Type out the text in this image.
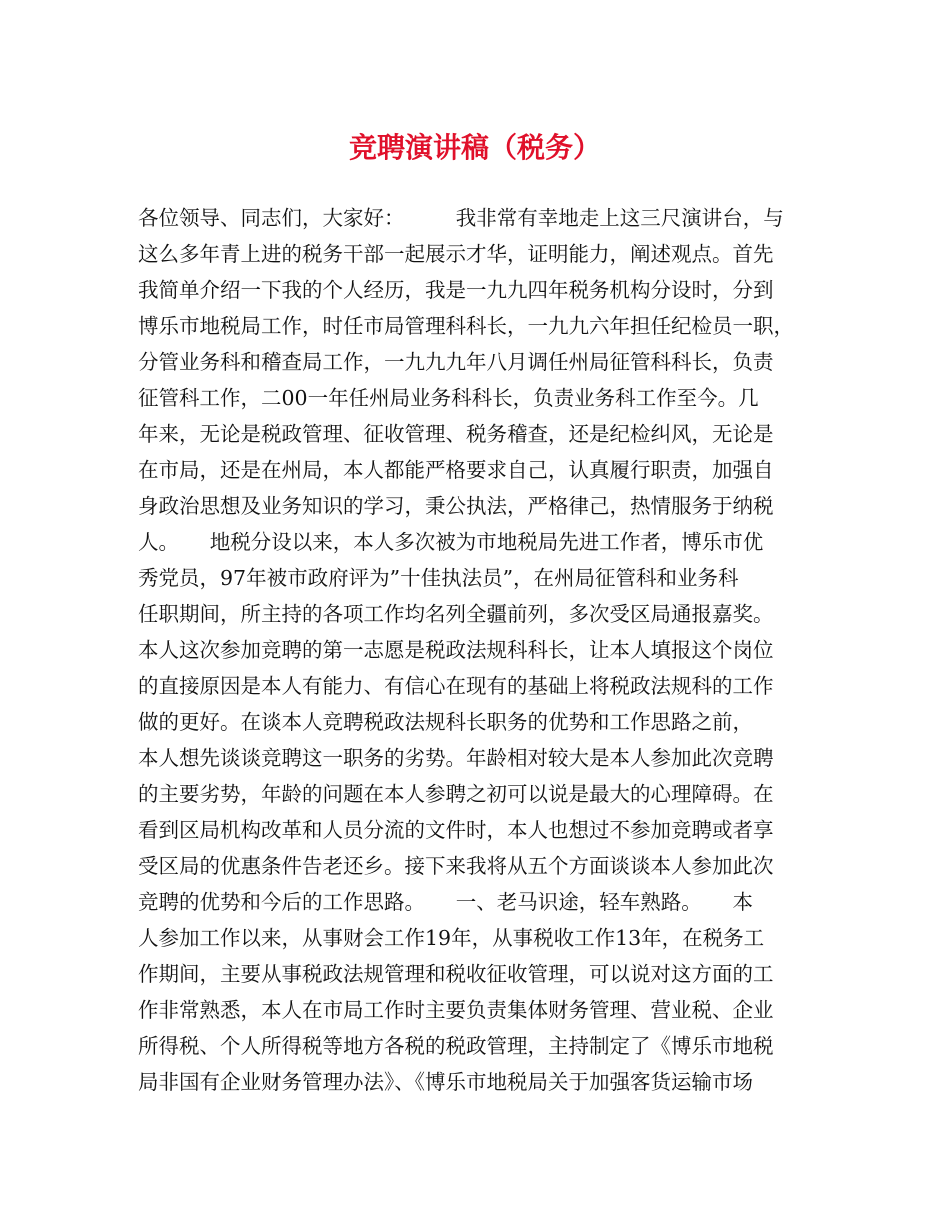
竞聘演讲稿（税务）
各位领导、同志们，大家好：　　　我非常有幸地走上这三尺演讲台，与
这么多年青上进的税务干部一起展示才华，证明能力，阐述观点。首先
我简单介绍一下我的个人经历，我是一九九四年税务机构分设时，分到
博乐市地税局工作，时任市局管理科科长，一九九六年担任纪检员一职，
分管业务科和稽查局工作，一九九九年八月调任州局征管科科长，负责
征管科工作，二00一年任州局业务科科长，负责业务科工作至今。几
年来，无论是税政管理、征收管理、税务稽查，还是纪检纠风，无论是
在市局，还是在州局，本人都能严格要求自己，认真履行职责，加强自
身政治思想及业务知识的学习，秉公执法，严格律己，热情服务于纳税
人。　　地税分设以来，本人多次被为市地税局先进工作者，博乐市优
秀党员，97年被市政府评为”十佳执法员”，在州局征管科和业务科
任职期间，所主持的各项工作均名列全疆前列，多次受区局通报嘉奖。
本人这次参加竞聘的第一志愿是税政法规科科长，让本人填报这个岗位
的直接原因是本人有能力、有信心在现有的基础上将税政法规科的工作
做的更好。在谈本人竞聘税政法规科长职务的优势和工作思路之前，
本人想先谈谈竞聘这一职务的劣势。年龄相对较大是本人参加此次竞聘
的主要劣势，年龄的问题在本人参聘之初可以说是最大的心理障碍。在
看到区局机构改革和人员分流的文件时，本人也想过不参加竞聘或者享
受区局的优惠条件告老还乡。接下来我将从五个方面谈谈本人参加此次
竞聘的优势和今后的工作思路。　　一、老马识途，轻车熟路。　　本
人参加工作以来，从事财会工作19年，从事税收工作13年，在税务工
作期间，主要从事税政法规管理和税收征收管理，可以说对这方面的工
作非常熟悉，本人在市局工作时主要负责集体财务管理、营业税、企业
所得税、个人所得税等地方各税的税政管理，主持制定了《博乐市地税
局非国有企业财务管理办法》、《博乐市地税局关于加强客货运输市场
